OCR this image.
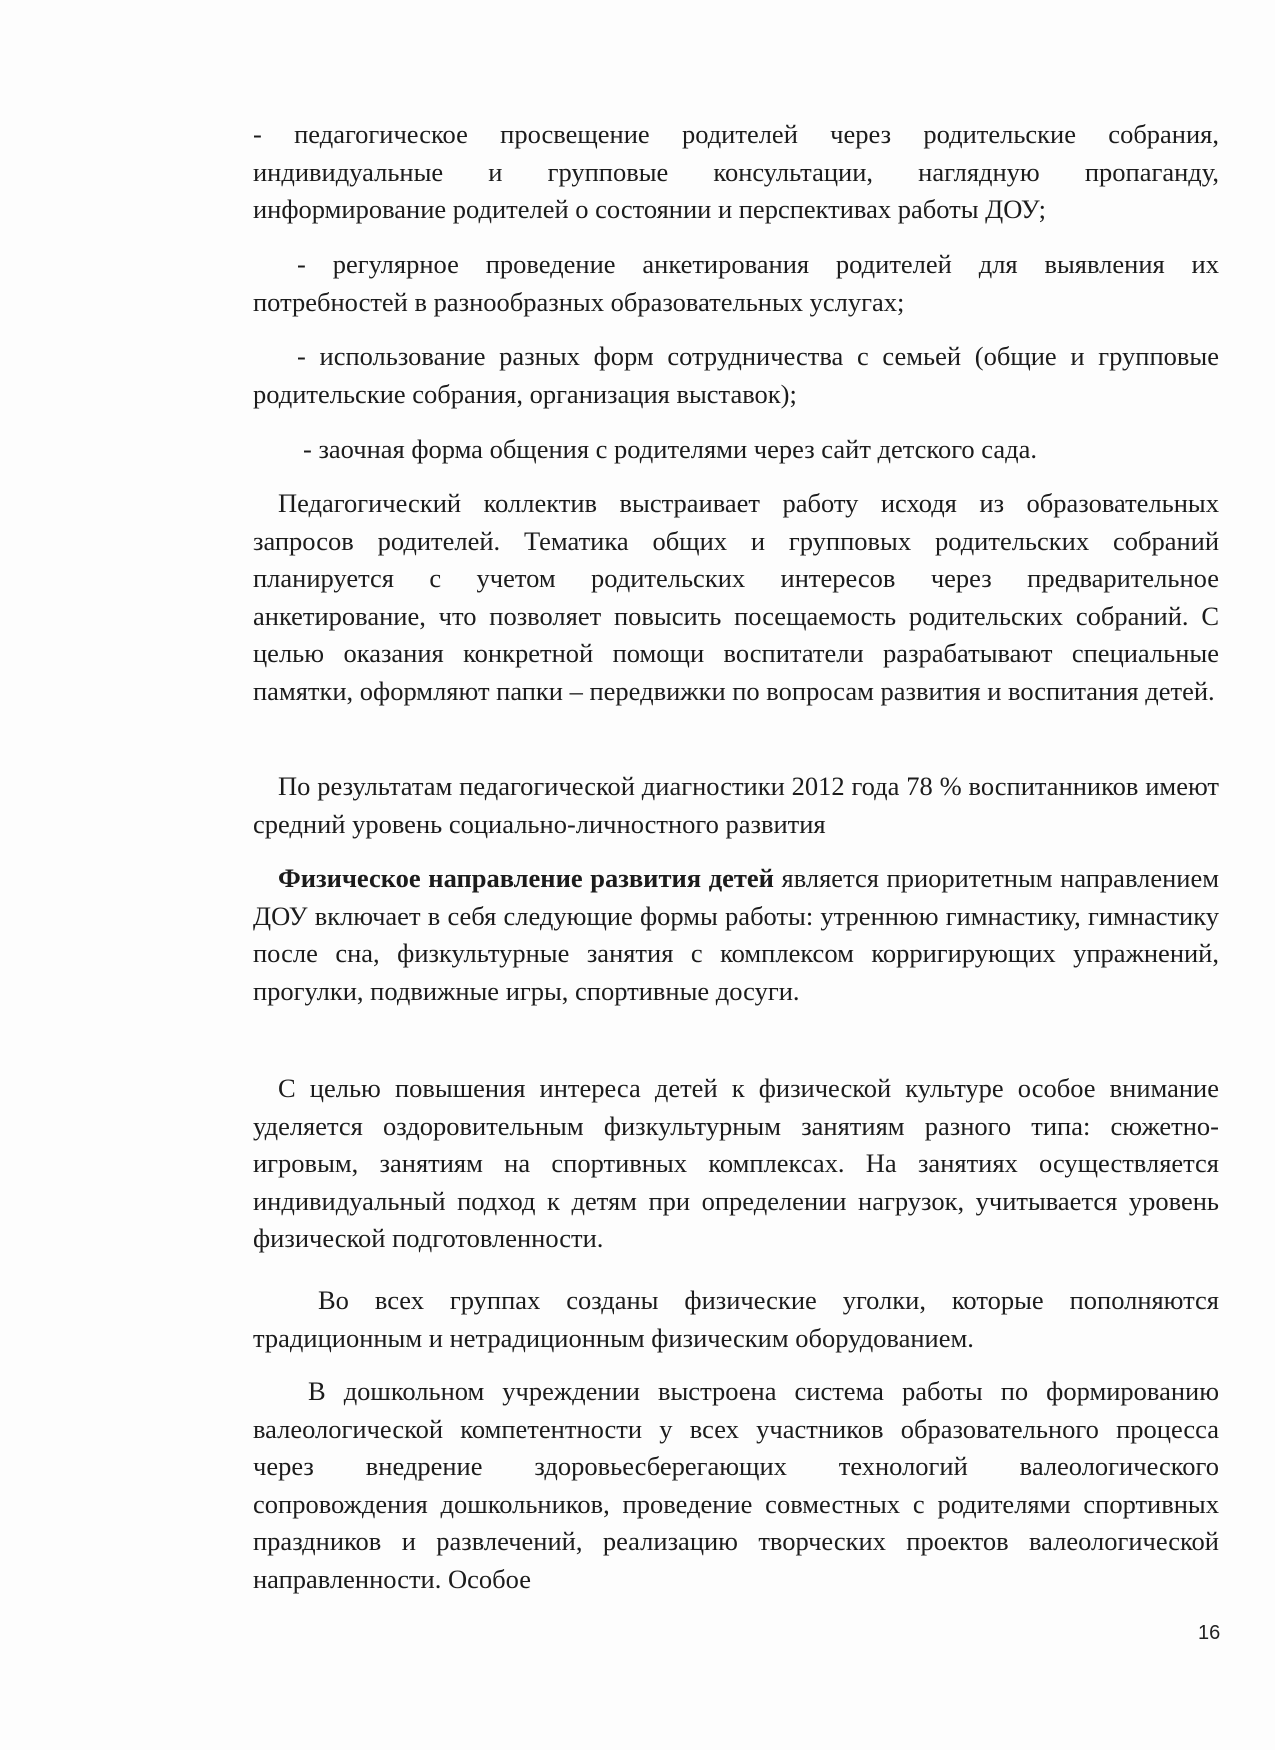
- педагогическое просвещение родителей через родительские собрания, индивидуальные и групповые консультации, наглядную пропаганду, информирование родителей о состоянии и перспективах работы ДОУ;

- регулярное проведение анкетирования родителей для выявления их потребностей в разнообразных образовательных услугах;

- использование разных форм сотрудничества с семьей (общие и групповые родительские собрания, организация выставок);

- заочная форма общения с родителями через сайт детского сада.

Педагогический коллектив выстраивает работу исходя из образовательных запросов родителей. Тематика общих и групповых родительских собраний планируется с учетом родительских интересов через предварительное анкетирование, что позволяет повысить посещаемость родительских собраний. С целью оказания конкретной помощи воспитатели разрабатывают специальные памятки, оформляют папки – передвижки по вопросам развития и воспитания детей.

По результатам педагогической диагностики 2012 года 78 % воспитанников имеют средний уровень социально-личностного развития

Физическое направление развития детей является приоритетным направлением ДОУ включает в себя следующие формы работы: утреннюю гимнастику, гимнастику после сна, физкультурные занятия с комплексом корригирующих упражнений, прогулки, подвижные игры, спортивные досуги.

С целью повышения интереса детей к физической культуре особое внимание уделяется оздоровительным физкультурным занятиям разного типа: сюжетно-игровым, занятиям на спортивных комплексах. На занятиях осуществляется индивидуальный подход к детям при определении нагрузок, учитывается уровень физической подготовленности.

Во всех группах созданы физические уголки, которые пополняются традиционным и нетрадиционным физическим оборудованием.

В дошкольном учреждении выстроена система работы по формированию валеологической компетентности у всех участников образовательного процесса через внедрение здоровьесберегающих технологий валеологического сопровождения дошкольников, проведение совместных с родителями спортивных праздников и развлечений, реализацию творческих проектов валеологической направленности. Особое

16
